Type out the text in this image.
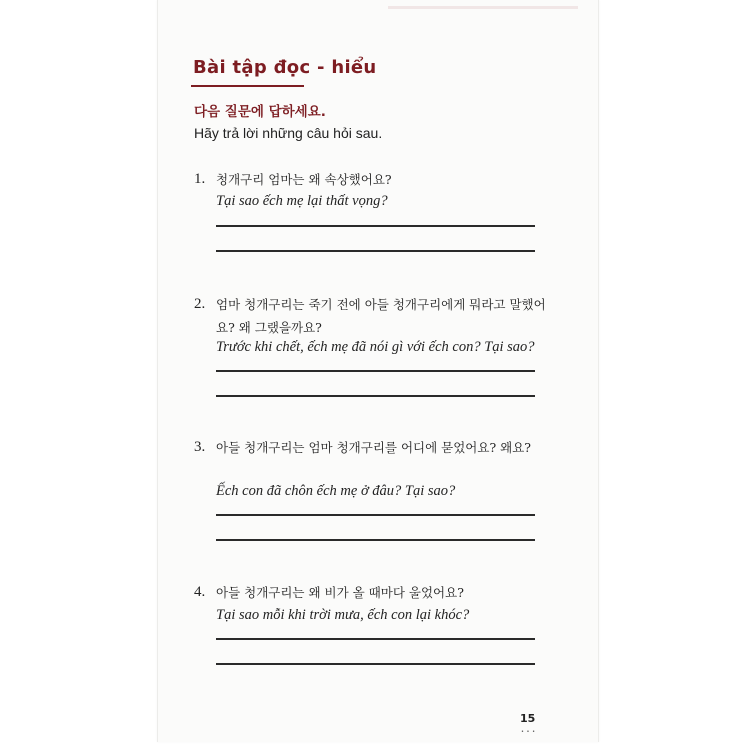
Bài tập đọc - hiểu
다음 질문에 답하세요.
Hãy trả lời những câu hỏi sau.
1. 청개구리 엄마는 왜 속상했어요?
Tại sao ếch mẹ lại thất vọng?
2. 엄마 청개구리는 죽기 전에 아들 청개구리에게 뭐라고 말했어요? 왜 그랬을까요?
Trước khi chết, ếch mẹ đã nói gì với ếch con? Tại sao?
3. 아들 청개구리는 엄마 청개구리를 어디에 묻었어요? 왜요?
Ếch con đã chôn ếch mẹ ở đâu? Tại sao?
4. 아들 청개구리는 왜 비가 올 때마다 울었어요?
Tại sao mỗi khi trời mưa, ếch con lại khóc?
15
• • •
